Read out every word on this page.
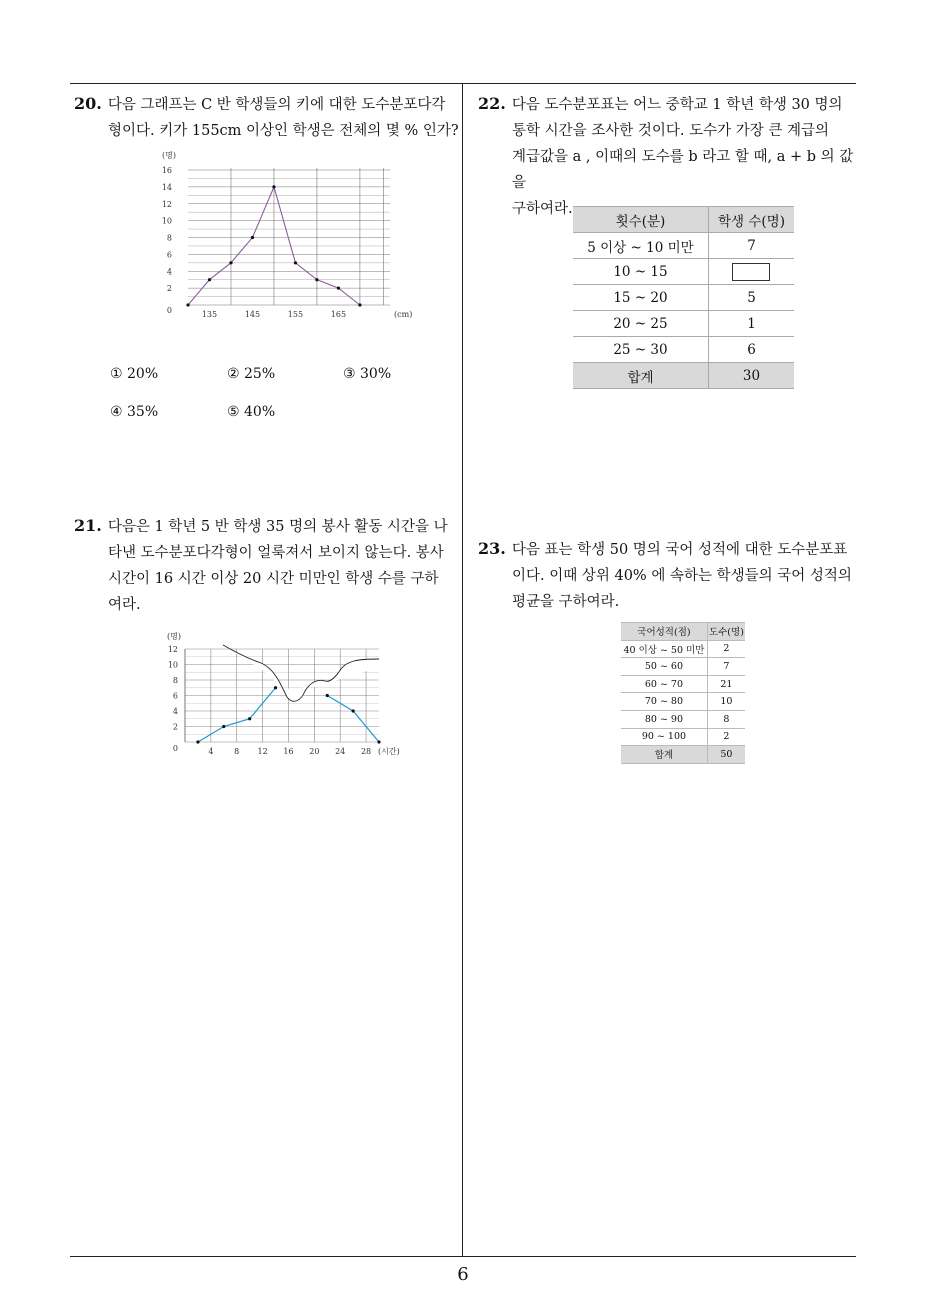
20. 다음 그래프는 C 반 학생들의 키에 대한 도수분포다각
형이다. 키가 155cm 이상인 학생은 전체의 몇 % 인가?
0
2
4
6
8
10
12
14
16
135	145	155	165
(명)
(cm)
① 20%	② 25%	③ 30%
④ 35%	⑤ 40%
21. 다음은 1 학년 5 반 학생 35 명의 봉사 활동 시간을 나
타낸 도수분포다각형이 얼룩져서 보이지 않는다. 봉사
시간이 16 시간 이상 20 시간 미만인 학생 수를 구하
여라.
0
2
4
6
8
10
12
4	8 12 16 20 24 28
(명)
(시간)
22. 다음 도수분포표는 어느 중학교 1 학년 학생 30 명의
통학 시간을 조사한 것이다. 도수가 가장 큰 계급의
계급값을 a , 이때의 도수를 b 라고 할 때, a + b 의 값을
구하여라.
횟수(분)	학생 수(명)
5 이상 ~ 10 미만	7
10 ~ 15	
15 ~ 20	5
20 ~ 25	1
25 ~ 30	6
합계	30
23. 다음 표는 학생 50 명의 국어 성적에 대한 도수분포표
이다. 이때 상위 40% 에 속하는 학생들의 국어 성적의
평균을 구하여라.
국어성적(점)	도수(명)
40 이상 ~ 50 미만	2
50 ~ 60	7
60 ~ 70	21
70 ~ 80	10
80 ~ 90	8
90 ~ 100	2
합계	50
6
